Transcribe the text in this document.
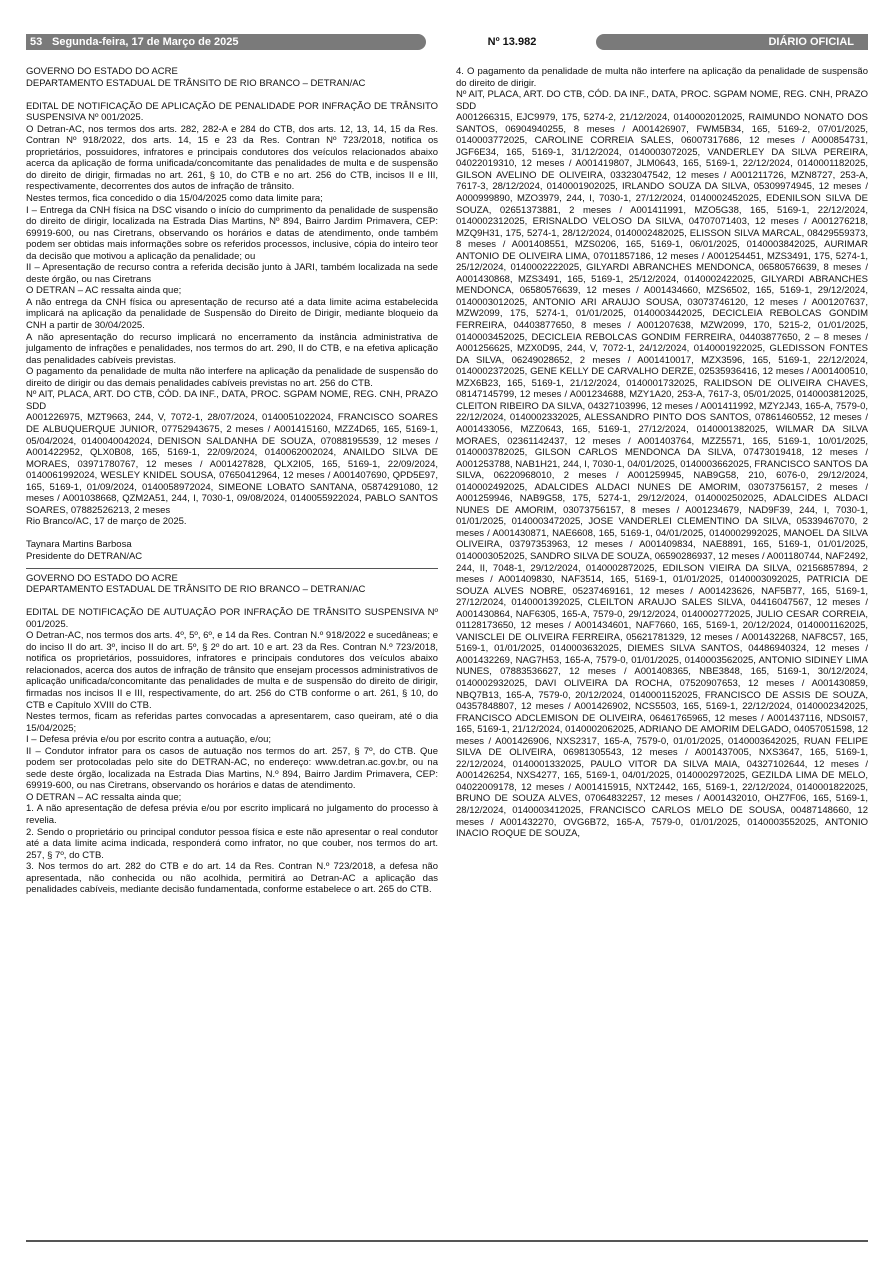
53 Segunda-feira, 17 de Março de 2025	Nº 13.982	DIÁRIO OFICIAL

GOVERNO DO ESTADO DO ACRE

DEPARTAMENTO ESTADUAL DE TRÂNSITO DE RIO BRANCO – DETRAN/AC

EDITAL DE NOTIFICAÇÃO DE APLICAÇÃO DE PENALIDADE POR INFRAÇÃO DE TRÂNSITO SUSPENSIVA Nº 001/2025.

O Detran-AC, nos termos dos arts. 282, 282-A e 284 do CTB, dos arts. 12, 13, 14, 15 da Res. Contran Nº 918/2022, dos arts. 14, 15 e 23 da Res. Contran Nº 723/2018, notifica os proprietários, possuidores, infratores e principais condutores dos veículos relacionados abaixo acerca da aplicação de forma unificada/concomitante das penalidades de multa e de suspensão do direito de dirigir, firmadas no art. 261, § 10, do CTB e no art. 256 do CTB, incisos II e III, respectivamente, decorrentes dos autos de infração de trânsito.

Nestes termos, fica concedido o dia 15/04/2025 como data limite para;

I – Entrega da CNH física na DSC visando o início do cumprimento da penalidade de suspensão do direito de dirigir, localizada na Estrada Dias Martins, Nº 894, Bairro Jardim Primavera, CEP: 69919-600, ou nas Ciretrans, observando os horários e datas de atendimento, onde também podem ser obtidas mais informações sobre os referidos processos, inclusive, cópia do inteiro teor da decisão que motivou a aplicação da penalidade; ou

II – Apresentação de recurso contra a referida decisão junto à JARI, também localizada na sede deste órgão, ou nas Ciretrans

O DETRAN – AC ressalta ainda que;

A não entrega da CNH física ou apresentação de recurso até a data limite acima estabelecida implicará na aplicação da penalidade de Suspensão do Direito de Dirigir, mediante bloqueio da CNH a partir de 30/04/2025.

A não apresentação do recurso implicará no encerramento da instância administrativa de julgamento de infrações e penalidades, nos termos do art. 290, II do CTB, e na efetiva aplicação das penalidades cabíveis previstas.

O pagamento da penalidade de multa não interfere na aplicação da penalidade de suspensão do direito de dirigir ou das demais penalidades cabíveis previstas no art. 256 do CTB.

Nº AIT, PLACA, ART. DO CTB, CÓD. DA INF., DATA, PROC. SGPAM NOME, REG. CNH, PRAZO SDD

A001226975, MZT9663, 244, V, 7072-1, 28/07/2024, 0140051022024, FRANCISCO SOARES DE ALBUQUERQUE JUNIOR, 07752943675, 2 meses / A001415160, MZZ4D65, 165, 5169-1, 05/04/2024, 0140040042024, DENISON SALDANHA DE SOUZA, 07088195539, 12 meses / A001422952, QLX0B08, 165, 5169-1, 22/09/2024, 0140062002024, ANAILDO SILVA DE MORAES, 03971780767, 12 meses / A001427828, QLX2I05, 165, 5169-1, 22/09/2024, 0140061992024, WESLEY KNIDEL SOUSA, 07650412964, 12 meses / A001407690, QPD5E97, 165, 5169-1, 01/09/2024, 0140058972024, SIMEONE LOBATO SANTANA, 05874291080, 12 meses / A001038668, QZM2A51, 244, I, 7030-1, 09/08/2024, 0140055922024, PABLO SANTOS SOARES, 07882526213, 2 meses

Rio Branco/AC, 17 de março de 2025.

Taynara Martins Barbosa

Presidente do DETRAN/AC

GOVERNO DO ESTADO DO ACRE

DEPARTAMENTO ESTADUAL DE TRÂNSITO DE RIO BRANCO – DETRAN/AC

EDITAL DE NOTIFICAÇÃO DE AUTUAÇÃO POR INFRAÇÃO DE TRÂNSITO SUSPENSIVA Nº 001/2025.

O Detran-AC, nos termos dos arts. 4º, 5º, 6º, e 14 da Res. Contran N.º 918/2022 e sucedâneas; e do inciso II do art. 3º, inciso II do art. 5º, § 2º do art. 10 e art. 23 da Res. Contran N.º 723/2018, notifica os proprietários, possuidores, infratores e principais condutores dos veículos abaixo relacionados, acerca dos autos de infração de trânsito que ensejam processos administrativos de aplicação unificada/concomitante das penalidades de multa e de suspensão do direito de dirigir, firmadas nos incisos II e III, respectivamente, do art. 256 do CTB conforme o art. 261, § 10, do CTB e Capítulo XVIII do CTB.

Nestes termos, ficam as referidas partes convocadas a apresentarem, caso queiram, até o dia 15/04/2025;

I – Defesa prévia e/ou por escrito contra a autuação, e/ou;

II – Condutor infrator para os casos de autuação nos termos do art. 257, § 7º, do CTB. Que podem ser protocoladas pelo site do DETRAN-AC, no endereço: www.detran.ac.gov.br, ou na sede deste órgão, localizada na Estrada Dias Martins, N.º 894, Bairro Jardim Primavera, CEP: 69919-600, ou nas Ciretrans, observando os horários e datas de atendimento.

O DETRAN – AC ressalta ainda que;

1. A não apresentação de defesa prévia e/ou por escrito implicará no julgamento do processo à revelia.

2. Sendo o proprietário ou principal condutor pessoa física e este não apresentar o real condutor até a data limite acima indicada, responderá como infrator, no que couber, nos termos do art. 257, § 7º, do CTB.

3. Nos termos do art. 282 do CTB e do art. 14 da Res. Contran N.º 723/2018, a defesa não apresentada, não conhecida ou não acolhida, permitirá ao Detran-AC a aplicação das penalidades cabíveis, mediante decisão fundamentada, conforme estabelece o art. 265 do CTB.

4. O pagamento da penalidade de multa não interfere na aplicação da penalidade de suspensão do direito de dirigir.

Nº AIT, PLACA, ART. DO CTB, CÓD. DA INF., DATA, PROC. SGPAM NOME, REG. CNH, PRAZO SDD

A001266315, EJC9979, 175, 5274-2, 21/12/2024, 0140002012025, RAIMUNDO NONATO DOS SANTOS, 06904940255, 8 meses / A001426907, FWM5B34, 165, 5169-2, 07/01/2025, 0140003772025, CAROLINE CORREIA SALES, 06007317686, 12 meses / A000854731, JGF6E34, 165, 5169-1, 31/12/2024, 0140003072025, VANDERLEY DA SILVA PEREIRA, 04022019310, 12 meses / A001419807, JLM0643, 165, 5169-1, 22/12/2024, 0140001182025, GILSON AVELINO DE OLIVEIRA, 03323047542, 12 meses / A001211726, MZN8727, 253-A, 7617-3, 28/12/2024, 0140001902025, IRLANDO SOUZA DA SILVA, 05309974945, 12 meses / A000999890, MZO3979, 244, I, 7030-1, 27/12/2024, 0140002452025, EDENILSON SILVA DE SOUZA, 02651373881, 2 meses / A001411991, MZO5G38, 165, 5169-1, 22/12/2024, 0140002312025, ERISNALDO VELOSO DA SILVA, 04707071403, 12 meses / A001276218, MZQ9H31, 175, 5274-1, 28/12/2024, 0140002482025, ELISSON SILVA MARCAL, 08429559373, 8 meses / A001408551, MZS0206, 165, 5169-1, 06/01/2025, 0140003842025, AURIMAR ANTONIO DE OLIVEIRA LIMA, 07011857186, 12 meses / A001254451, MZS3491, 175, 5274-1, 25/12/2024, 0140002222025, GILYARDI ABRANCHES MENDONCA, 06580576639, 8 meses / A001430868, MZS3491, 165, 5169-1, 25/12/2024, 0140002422025, GILYARDI ABRANCHES MENDONCA, 06580576639, 12 meses / A001434660, MZS6502, 165, 5169-1, 29/12/2024, 0140003012025, ANTONIO ARI ARAUJO SOUSA, 03073746120, 12 meses / A001207637, MZW2099, 175, 5274-1, 01/01/2025, 0140003442025, DECICLEIA REBOLCAS GONDIM FERREIRA, 04403877650, 8 meses / A001207638, MZW2099, 170, 5215-2, 01/01/2025, 0140003452025, DECICLEIA REBOLCAS GONDIM FERREIRA, 04403877650, 2 – 8 meses / A001256625, MZX0D95, 244, V, 7072-1, 24/12/2024, 0140001922025, GLEDISSON FONTES DA SILVA, 06249028652, 2 meses / A001410017, MZX3596, 165, 5169-1, 22/12/2024, 0140002372025, GENE KELLY DE CARVALHO DERZE, 02535936416, 12 meses / A001400510, MZX6B23, 165, 5169-1, 21/12/2024, 0140001732025, RALIDSON DE OLIVEIRA CHAVES, 08147145799, 12 meses / A001234688, MZY1A20, 253-A, 7617-3, 05/01/2025, 0140003812025, CLEITON RIBEIRO DA SILVA, 04327103996, 12 meses / A001411992, MZY2J43, 165-A, 7579-0, 22/12/2024, 0140002332025, ALESSANDRO PINTO DOS SANTOS, 07861460552, 12 meses / A001433056, MZZ0643, 165, 5169-1, 27/12/2024, 0140001382025, WILMAR DA SILVA MORAES, 02361142437, 12 meses / A001403764, MZZ5571, 165, 5169-1, 10/01/2025, 0140003782025, GILSON CARLOS MENDONCA DA SILVA, 07473019418, 12 meses / A001253788, NAB1H21, 244, I, 7030-1, 04/01/2025, 0140003662025, FRANCISCO SANTOS DA SILVA, 06220968010, 2 meses / A001259945, NAB9G58, 210, 6076-0, 29/12/2024, 0140002492025, ADALCIDES ALDACI NUNES DE AMORIM, 03073756157, 2 meses / A001259946, NAB9G58, 175, 5274-1, 29/12/2024, 0140002502025, ADALCIDES ALDACI NUNES DE AMORIM, 03073756157, 8 meses / A001234679, NAD9F39, 244, I, 7030-1, 01/01/2025, 0140003472025, JOSE VANDERLEI CLEMENTINO DA SILVA, 05339467070, 2 meses / A001430871, NAE6608, 165, 5169-1, 04/01/2025, 0140002992025, MANOEL DA SILVA OLIVEIRA, 03797353963, 12 meses / A001409834, NAE8891, 165, 5169-1, 01/01/2025, 0140003052025, SANDRO SILVA DE SOUZA, 06590286937, 12 meses / A001180744, NAF2492, 244, II, 7048-1, 29/12/2024, 0140002872025, EDILSON VIEIRA DA SILVA, 02156857894, 2 meses / A001409830, NAF3514, 165, 5169-1, 01/01/2025, 0140003092025, PATRICIA DE SOUZA ALVES NOBRE, 05237469161, 12 meses / A001423626, NAF5B77, 165, 5169-1, 27/12/2024, 0140001392025, CLEILTON ARAUJO SALES SILVA, 04416047567, 12 meses / A001430864, NAF6305, 165-A, 7579-0, 29/12/2024, 0140002772025, JULIO CESAR CORREIA, 01128173650, 12 meses / A001434601, NAF7660, 165, 5169-1, 20/12/2024, 0140001162025, VANISCLEI DE OLIVEIRA FERREIRA, 05621781329, 12 meses / A001432268, NAF8C57, 165, 5169-1, 01/01/2025, 0140003632025, DIEMES SILVA SANTOS, 04486940324, 12 meses / A001432269, NAG7H53, 165-A, 7579-0, 01/01/2025, 0140003562025, ANTONIO SIDINEY LIMA NUNES, 07883536627, 12 meses / A001408365, NBE3848, 165, 5169-1, 30/12/2024, 0140002932025, DAVI OLIVEIRA DA ROCHA, 07520907653, 12 meses / A001430859, NBQ7B13, 165-A, 7579-0, 20/12/2024, 0140001152025, FRANCISCO DE ASSIS DE SOUZA, 04357848807, 12 meses / A001426902, NCS5503, 165, 5169-1, 22/12/2024, 0140002342025, FRANCISCO ADCLEMISON DE OLIVEIRA, 06461765965, 12 meses / A001437116, NDS0I57, 165, 5169-1, 21/12/2024, 0140002062025, ADRIANO DE AMORIM DELGADO, 04057051598, 12 meses / A001426906, NXS2317, 165-A, 7579-0, 01/01/2025, 0140003642025, RUAN FELIPE SILVA DE OLIVEIRA, 06981305543, 12 meses / A001437005, NXS3647, 165, 5169-1, 22/12/2024, 0140001332025, PAULO VITOR DA SILVA MAIA, 04327102644, 12 meses / A001426254, NXS4277, 165, 5169-1, 04/01/2025, 0140002972025, GEZILDA LIMA DE MELO, 04022009178, 12 meses / A001415915, NXT2442, 165, 5169-1, 22/12/2024, 0140001822025, BRUNO DE SOUZA ALVES, 07064832257, 12 meses / A001432010, OHZ7F06, 165, 5169-1, 28/12/2024, 0140003412025, FRANCISCO CARLOS MELO DE SOUSA, 00487148660, 12 meses / A001432270, OVG6B72, 165-A, 7579-0, 01/01/2025, 0140003552025, ANTONIO INACIO ROQUE DE SOUZA,
